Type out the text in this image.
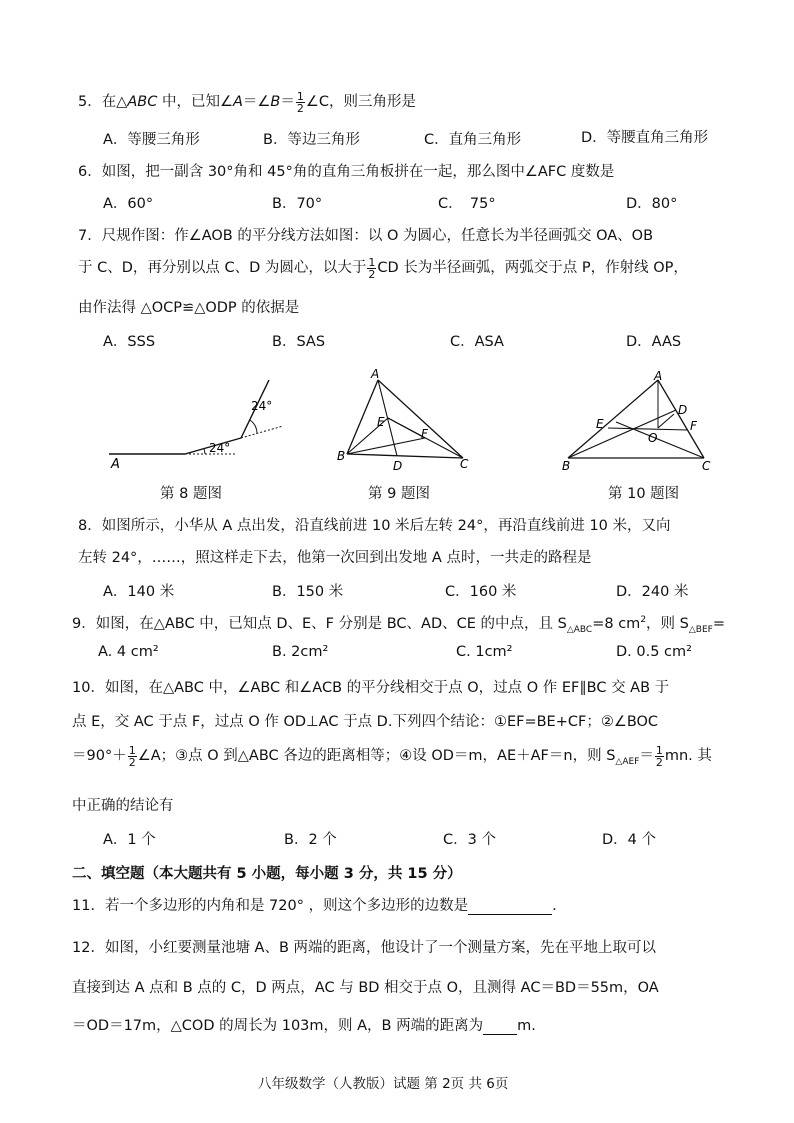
5．在△ABC 中，已知∠A＝∠B＝ $\frac{1}{2}$ ∠C，则三角形是
A．等腰三角形	B．等边三角形	C．直角三角形	D．等腰直角三角形
6．如图，把一副含 30°角和 45°角的直角三角板拼在一起，那么图中∠AFC 度数是
A．60°	B．70°	C．　75°	D．80°
7．尺规作图：作∠AOB 的平分线方法如图：以 O 为圆心，任意长为半径画弧交 OA、OB
于 C、D，再分别以点 C、D 为圆心，以大于 $\frac{1}{2}$ CD 长为半径画弧，两弧交于点 P，作射线 OP，
由作法得 △OCP≌△ODP 的依据是
A．SSS	B．SAS	C．ASA	D．AAS
A
24°
24°
第 8 题图
A
E
F
B
D	C
第 9 题图
A
D
E	F
O
B	C
第 10 题图
8．如图所示，小华从 A 点出发，沿直线前进 10 米后左转 24°，再沿直线前进 10 米，又向
左转 24°，……，照这样走下去，他第一次回到出发地 A 点时，一共走的路程是
A．140 米	B．150 米	C．160 米	D．240 米
9．如图，在△ABC 中，已知点 D、E、F 分别是 BC、AD、CE 的中点，且 $S_{\triangle ABC}=8$ $cm^2$，则 $S_{\triangle BEF}=$
A. 4 cm²	B. 2cm²	C. 1cm²	D. 0.5 cm²
10．如图，在△ABC 中，∠ABC 和∠ACB 的平分线相交于点 O，过点 O 作 EF∥BC 交 AB 于
点 E，交 AC 于点 F，过点 O 作 OD⊥AC 于点 D.下列四个结论：①EF=BE+CF；②∠BOC
$=90^\circ+ \frac{1}{2}$ ∠A；③点 O 到△ABC 各边的距离相等；④设 OD＝m，AE＋AF＝n，则 $S_{\triangle AEF}= \frac{1}{2}$ mn. 其
中正确的结论有
A．1 个	B．2 个	C．3 个	D．4 个
二、填空题（本大题共有 5 小题，每小题 3 分，共 15 分）
11．若一个多边形的内角和是 720° ，则这个多边形的边数是	.
12．如图，小红要测量池塘 A、B 两端的距离，他设计了一个测量方案，先在平地上取可以
直接到达 A 点和 B 点的 C，D 两点，AC 与 BD 相交于点 O，且测得 AC＝BD＝55m，OA
＝OD＝17m，△COD 的周长为 103m，则 A，B 两端的距离为 m.
八年级数学（人教版）试题 第 2页 共 6页
